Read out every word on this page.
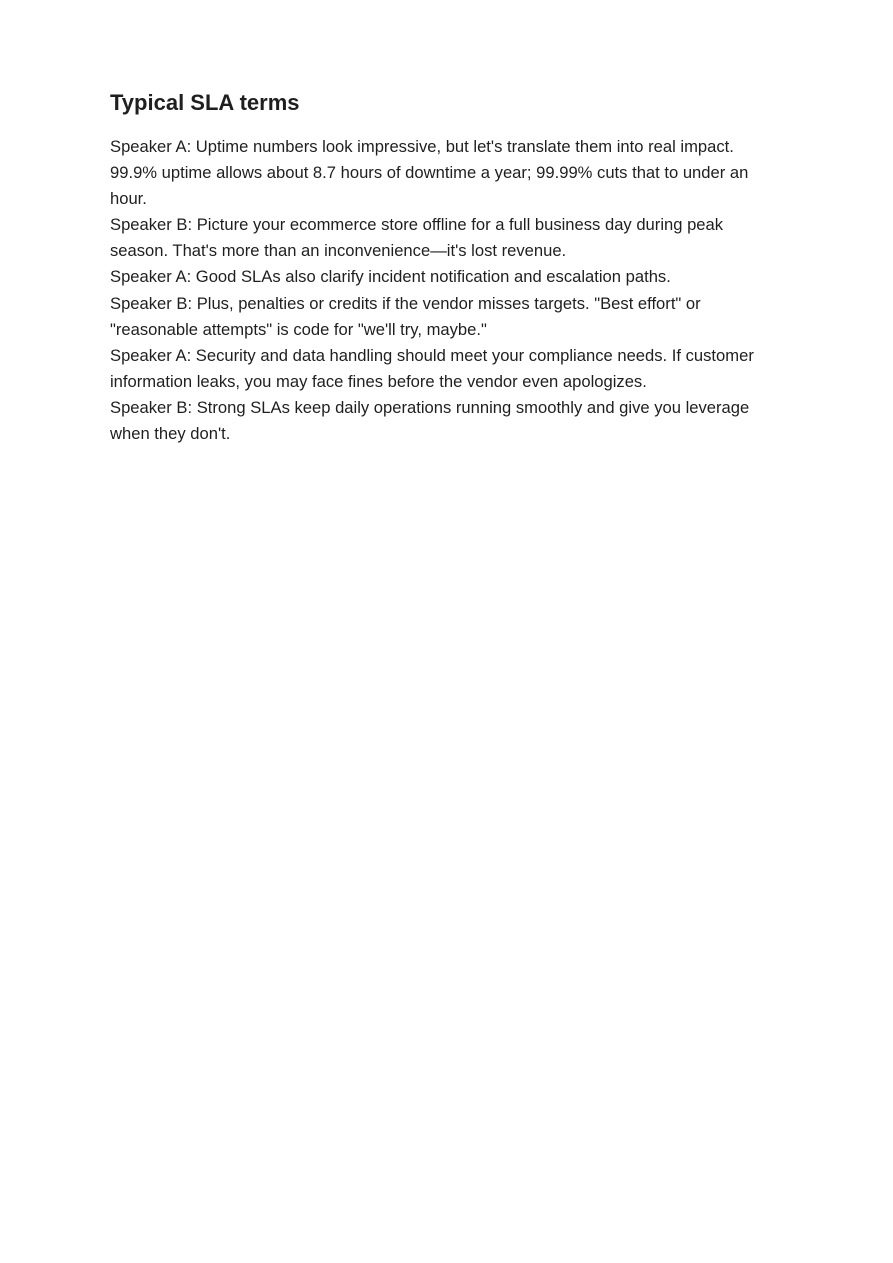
Typical SLA terms

Speaker A: Uptime numbers look impressive, but let's translate them into real impact. 99.9% uptime allows about 8.7 hours of downtime a year; 99.99% cuts that to under an hour.

Speaker B: Picture your ecommerce store offline for a full business day during peak season. That's more than an inconvenience—it's lost revenue.

Speaker A: Good SLAs also clarify incident notification and escalation paths.

Speaker B: Plus, penalties or credits if the vendor misses targets. "Best effort" or "reasonable attempts" is code for "we'll try, maybe."

Speaker A: Security and data handling should meet your compliance needs. If customer information leaks, you may face fines before the vendor even apologizes.

Speaker B: Strong SLAs keep daily operations running smoothly and give you leverage when they don't.
